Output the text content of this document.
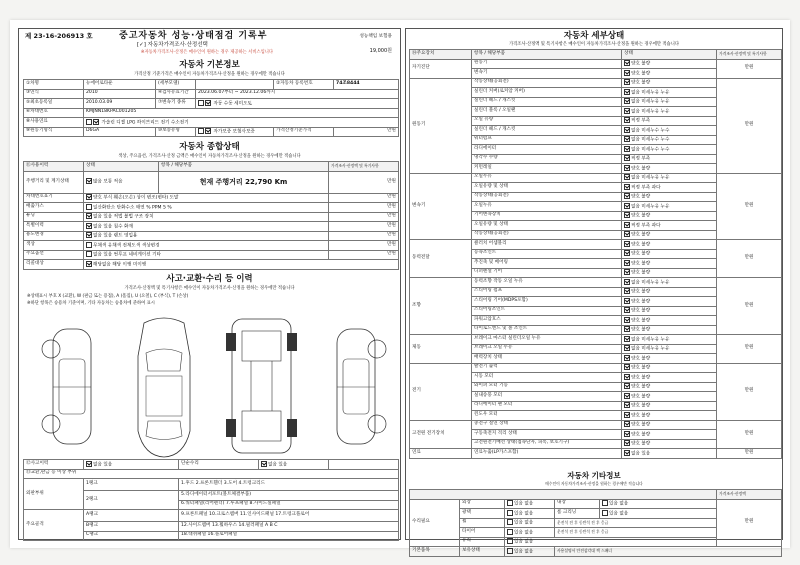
제 23-16-206913 호	중고자동차 성능·상태점검 기록부
[✓] 자동차가격조사·산정선택
※자동차가격조사·산정은 매수인이 원하는 경우 제공하는 서비스입니다
성능책임 보험용
19,000원
자동차 기본정보
가격산정 기준가격은 매수인이 자동차가격조사·산정을 원하는 경우에만 적습니다
①차명	뉴에어로타운	(세부모델)		②자동차 등록번호	74조8444
③연식	2010	④검사유효기간	2023.06.07부터 ~ 2023.12.06까지		
⑤최초등록일	2010.03.09	⑦변속기 종류	자동 수동 세미오토		
⑥차대번호	KMJNN18KPAC001205				
⑧사용연료	가솔린 디젤 LPG 하이브리드 전기 수소전기				
⑨원동기형식	D6GA	⑩보증유형	자가보증 보험사보증	가격산정기준가격	만원
자동차 종합상태
색상, 주요옵션, 가격조사·산정 금액은 매수인이 자동차가격조사·산정을 원하는 경우에만 적습니다
⑪사용이력	상태	항목 / 해당부품	가격조사·산정액 및 특기사항
주행거리 및 계기상태	많음 보통 적음	현재 주행거리 22,790 Km	만원
차대번호표기	양호 부식 훼손(오손) 상이 변조(변타) 도말		만원
배출가스	일산화탄소 탄화수소 매연 % PPM 5 %		만원
튜닝	없음 있음 적법 불법 구조 장치		만원
특별이력	없음 있음 침수 화재		만원
용도변경	없음 있음 렌트 영업용		만원
색상	무채색 유채색 전체도색 색상변경		만원
주요옵션	없음 있음 썬루프 네비게이션 기타		만원
리콜대상	해당없음 해당 이행 미이행		
사고·교환·수리 등 이력
가격조사·산정액 및 특기사항은 매수인이 자동차가격조사·산정을 원하는 경우에만 적습니다
※상태표시 부호 X (교환), W (판금 또는 용접), A (흠집), U (요철), C (부식), T (손상)
※하단 항목은 승용차 기준이며, 기타 자동차는 승용차에 준하여 표시
⑫사고이력	없음 있음	단순수리	없음 있음	
⑬교환,판금 등 이상 부위				
외판부위	1랭크	1.후드 2.프론트휀더 3.도어 4.트렁크리드		
	2랭크	5.라디에이터서포트(볼트체결부품)		
		6.쿼터패널(리어펜더) 7.루프패널 8.사이드실패널		
주요골격	A랭크	9.프론트패널 10.크로스멤버 11.인사이드패널 17.트렁크플로어		
	B랭크	12.사이드멤버 13.휠하우스 14.필러패널 A B C		
	C랭크	18.대쉬패널 16.플로어패널		
자동차 세부상태
가격조사·산정액 및 특기사항은 매수인이 자동차가격조사·산정을 원하는 경우에만 적습니다
⑭주요장치	항목 / 해당부품	상태	가격조사·산정액 및 특기사항
자기진단	원동기	양호 불량	만원
	변속기	양호 불량	
원동기	작동상태(공회전)	양호 불량	만원
	실린더 커버(로커암 커버)	없음 미세누유 누유	
	실린더 헤드 / 개스킷	없음 미세누유 누유	
	실린더 블록 / 오일팬	없음 미세누유 누유	
	오일 유량	적정 부족	
	실린더 헤드 / 개스킷	없음 미세누수 누수	
	워터펌프	없음 미세누수 누수	
	라디에이터	없음 미세누수 누수	
	냉각수 수량	적정 부족	
	커먼레일	양호 불량	
변속기	오일누유	없음 미세누유 누유	만원
	오일유량 및 상태	적정 부족 과다	
	작동상태(공회전)	양호 불량	
	오일누유	없음 미세누유 누유	
	기어변속장치	양호 불량	
	오일유량 및 상태	적정 부족 과다	
	작동상태(공회전)	양호 불량	
동력전달	클러치 어셈블리	양호 불량	만원
	등속조인트	양호 불량	
	추진축 및 베어링	양호 불량	
	디퍼렌셜 기어	양호 불량	
조향	동력조향 작동 오일 누유	없음 미세누유 누유	만원
	스티어링 펌프	양호 불량	
	스티어링 기어(MDPS포함)	양호 불량	
	스티어링조인트	양호 불량	
	파워고압호스	양호 불량	
	타이로드엔드 및 볼 조인트	양호 불량	
제동	브레이크 마스터 실린더오일 누유	없음 미세누유 누유	만원
	브레이크 오일 누유	없음 미세누유 누유	
	배력장치 상태	양호 불량	
전기	발전기 출력	양호 불량	만원
	시동 모터	양호 불량	
	와이퍼 모터 기능	양호 불량	
	실내송풍 모터	양호 불량	
	라디에이터 팬 모터	양호 불량	
	윈도우 모터	양호 불량	
고전원 전기장치	충전구 절연 상태	양호 불량	만원
	구동축전지 격리 상태	양호 불량	
	고전원전기배선 상태(접속단자, 피복, 보호기구)	양호 불량	
연료	연료누출(LP가스포함)	없음 있음	만원
자동차 기타정보
매수인이 자동차가격조사·산정을 원하는 경우에만 적습니다
					가격조사·산정액
수리필요	외장	있음 없음	내장	있음 없음	만원
	광택	있음 없음	룸 크리닝	있음 없음	
	휠	있음 없음	운전석 전 후 동반석 전 후 응급		
	타이어	있음 없음	운전석 전 후 동반석 전 후 응급		
	유리	있음 없음			
기본품목	보유상태	있음 없음	사용설명서 안전삼각대 잭 스패너		
